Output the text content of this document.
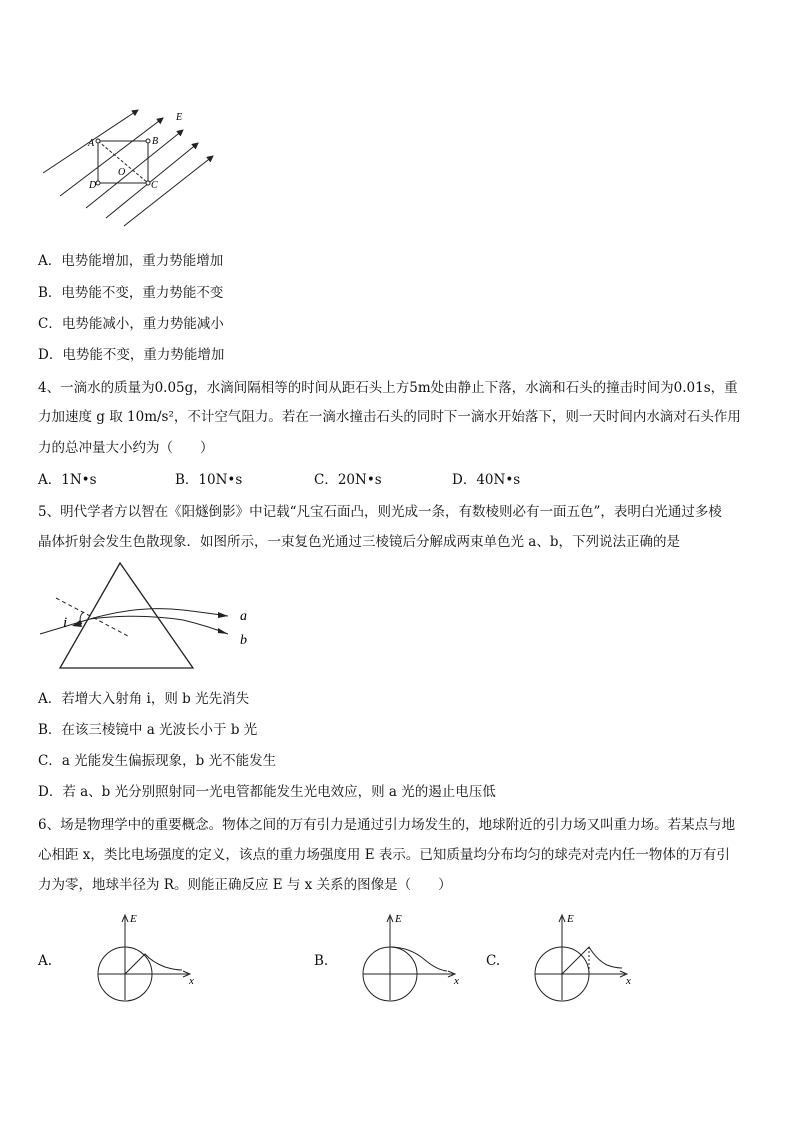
A	B
C
D
O
E
A．电势能增加，重力势能增加
B．电势能不变，重力势能不变
C．电势能减小，重力势能减小
D．电势能不变，重力势能增加
4、一滴水的质量为0.05g，水滴间隔相等的时间从距石头上方5m处由静止下落，水滴和石头的撞击时间为0.01s，重
力加速度 g 取 10m/s²，不计空气阻力。若在一滴水撞击石头的同时下一滴水开始落下，则一天时间内水滴对石头作用
力的总冲量大小约为（　　）
A．1N•s	B．10N•s	C．20N•s	D．40N•s
5、明代学者方以智在《阳燧倒影》中记载“凡宝石面凸，则光成一条，有数棱则必有一面五色”，表明白光通过多棱
晶体折射会发生色散现象．如图所示，一束复色光通过三棱镜后分解成两束单色光 a、b，下列说法正确的是
i	a
b
A．若增大入射角 i，则 b 光先消失
B．在该三棱镜中 a 光波长小于 b 光
C．a 光能发生偏振现象，b 光不能发生
D．若 a、b 光分别照射同一光电管都能发生光电效应，则 a 光的遏止电压低
6、场是物理学中的重要概念。物体之间的万有引力是通过引力场发生的，地球附近的引力场又叫重力场。若某点与地
心相距 x，类比电场强度的定义，该点的重力场强度用 E 表示。已知质量均分布均匀的球壳对壳内任一物体的万有引
力为零，地球半径为 R。则能正确反应 E 与 x 关系的图像是（　　）
A.
E
x
B.
E
x
C.
E
x
